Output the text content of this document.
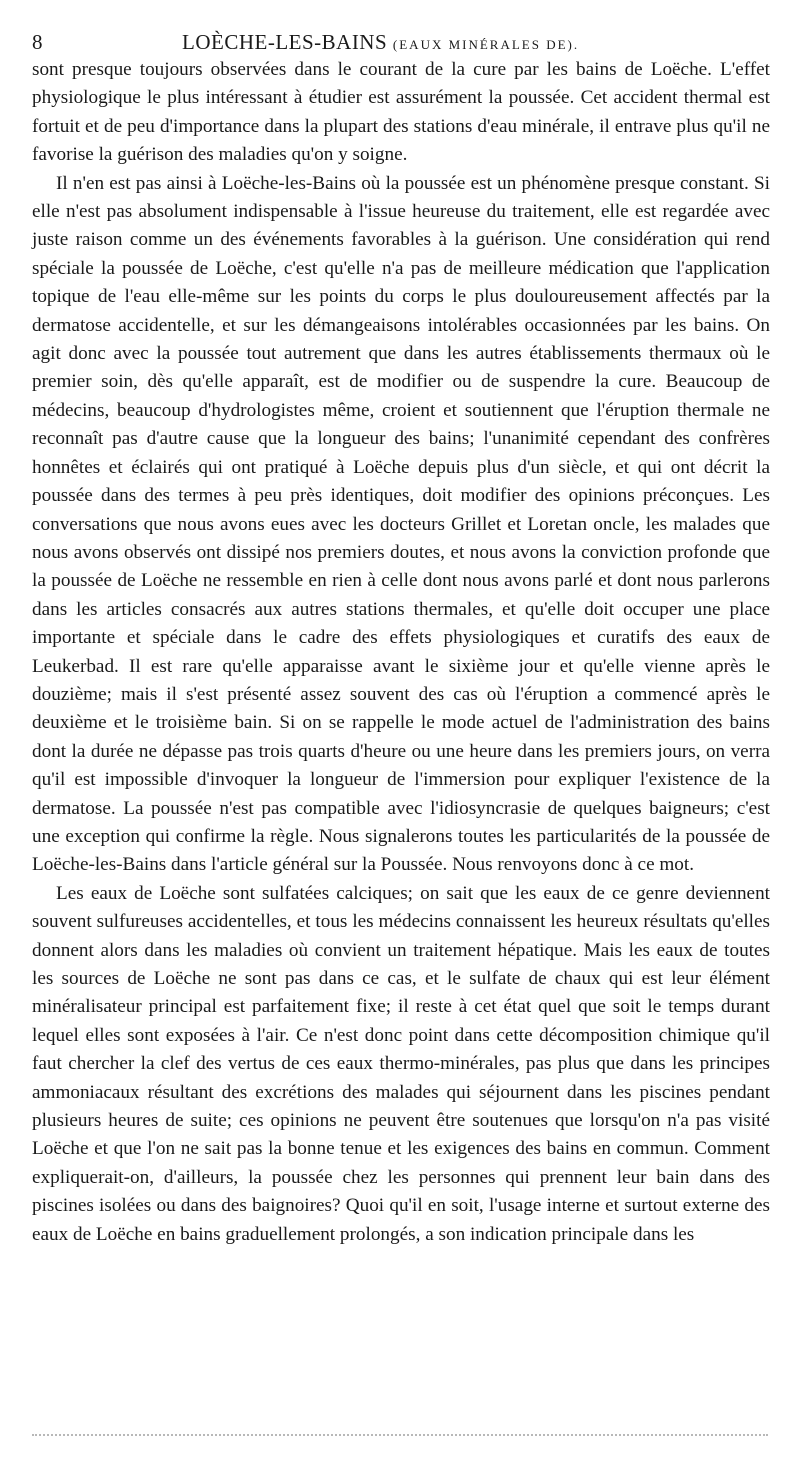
8	LOÈCHE-LES-BAINS (EAUX MINÉRALES DE).

sont presque toujours observées dans le courant de la cure par les bains de Loëche. L'effet physiologique le plus intéressant à étudier est assurément la poussée. Cet accident thermal est fortuit et de peu d'importance dans la plupart des stations d'eau minérale, il entrave plus qu'il ne favorise la guérison des maladies qu'on y soigne.

Il n'en est pas ainsi à Loëche-les-Bains où la poussée est un phénomène presque constant. Si elle n'est pas absolument indispensable à l'issue heureuse du traitement, elle est regardée avec juste raison comme un des événements favorables à la guérison. Une considération qui rend spéciale la poussée de Loëche, c'est qu'elle n'a pas de meilleure médication que l'application topique de l'eau elle-même sur les points du corps le plus douloureusement affectés par la dermatose accidentelle, et sur les démangeaisons intolérables occasionnées par les bains. On agit donc avec la poussée tout autrement que dans les autres établissements thermaux où le premier soin, dès qu'elle apparaît, est de modifier ou de suspendre la cure. Beaucoup de médecins, beaucoup d'hydrologistes même, croient et soutiennent que l'éruption thermale ne reconnaît pas d'autre cause que la longueur des bains; l'unanimité cependant des confrères honnêtes et éclairés qui ont pratiqué à Loëche depuis plus d'un siècle, et qui ont décrit la poussée dans des termes à peu près identiques, doit modifier des opinions préconçues. Les conversations que nous avons eues avec les docteurs Grillet et Loretan oncle, les malades que nous avons observés ont dissipé nos premiers doutes, et nous avons la conviction profonde que la poussée de Loëche ne ressemble en rien à celle dont nous avons parlé et dont nous parlerons dans les articles consacrés aux autres stations thermales, et qu'elle doit occuper une place importante et spéciale dans le cadre des effets physiologiques et curatifs des eaux de Leukerbad. Il est rare qu'elle apparaisse avant le sixième jour et qu'elle vienne après le douzième; mais il s'est présenté assez souvent des cas où l'éruption a commencé après le deuxième et le troisième bain. Si on se rappelle le mode actuel de l'administration des bains dont la durée ne dépasse pas trois quarts d'heure ou une heure dans les premiers jours, on verra qu'il est impossible d'invoquer la longueur de l'immersion pour expliquer l'existence de la dermatose. La poussée n'est pas compatible avec l'idiosyncrasie de quelques baigneurs; c'est une exception qui confirme la règle. Nous signalerons toutes les particularités de la poussée de Loëche-les-Bains dans l'article général sur la Poussée. Nous renvoyons donc à ce mot.

Les eaux de Loëche sont sulfatées calciques; on sait que les eaux de ce genre deviennent souvent sulfureuses accidentelles, et tous les médecins connaissent les heureux résultats qu'elles donnent alors dans les maladies où convient un traitement hépatique. Mais les eaux de toutes les sources de Loëche ne sont pas dans ce cas, et le sulfate de chaux qui est leur élément minéralisateur principal est parfaitement fixe; il reste à cet état quel que soit le temps durant lequel elles sont exposées à l'air. Ce n'est donc point dans cette décomposition chimique qu'il faut chercher la clef des vertus de ces eaux thermo-minérales, pas plus que dans les principes ammoniacaux résultant des excrétions des malades qui séjournent dans les piscines pendant plusieurs heures de suite; ces opinions ne peuvent être soutenues que lorsqu'on n'a pas visité Loëche et que l'on ne sait pas la bonne tenue et les exigences des bains en commun. Comment expliquerait-on, d'ailleurs, la poussée chez les personnes qui prennent leur bain dans des piscines isolées ou dans des baignoires? Quoi qu'il en soit, l'usage interne et surtout externe des eaux de Loëche en bains graduellement prolongés, a son indication principale dans les
